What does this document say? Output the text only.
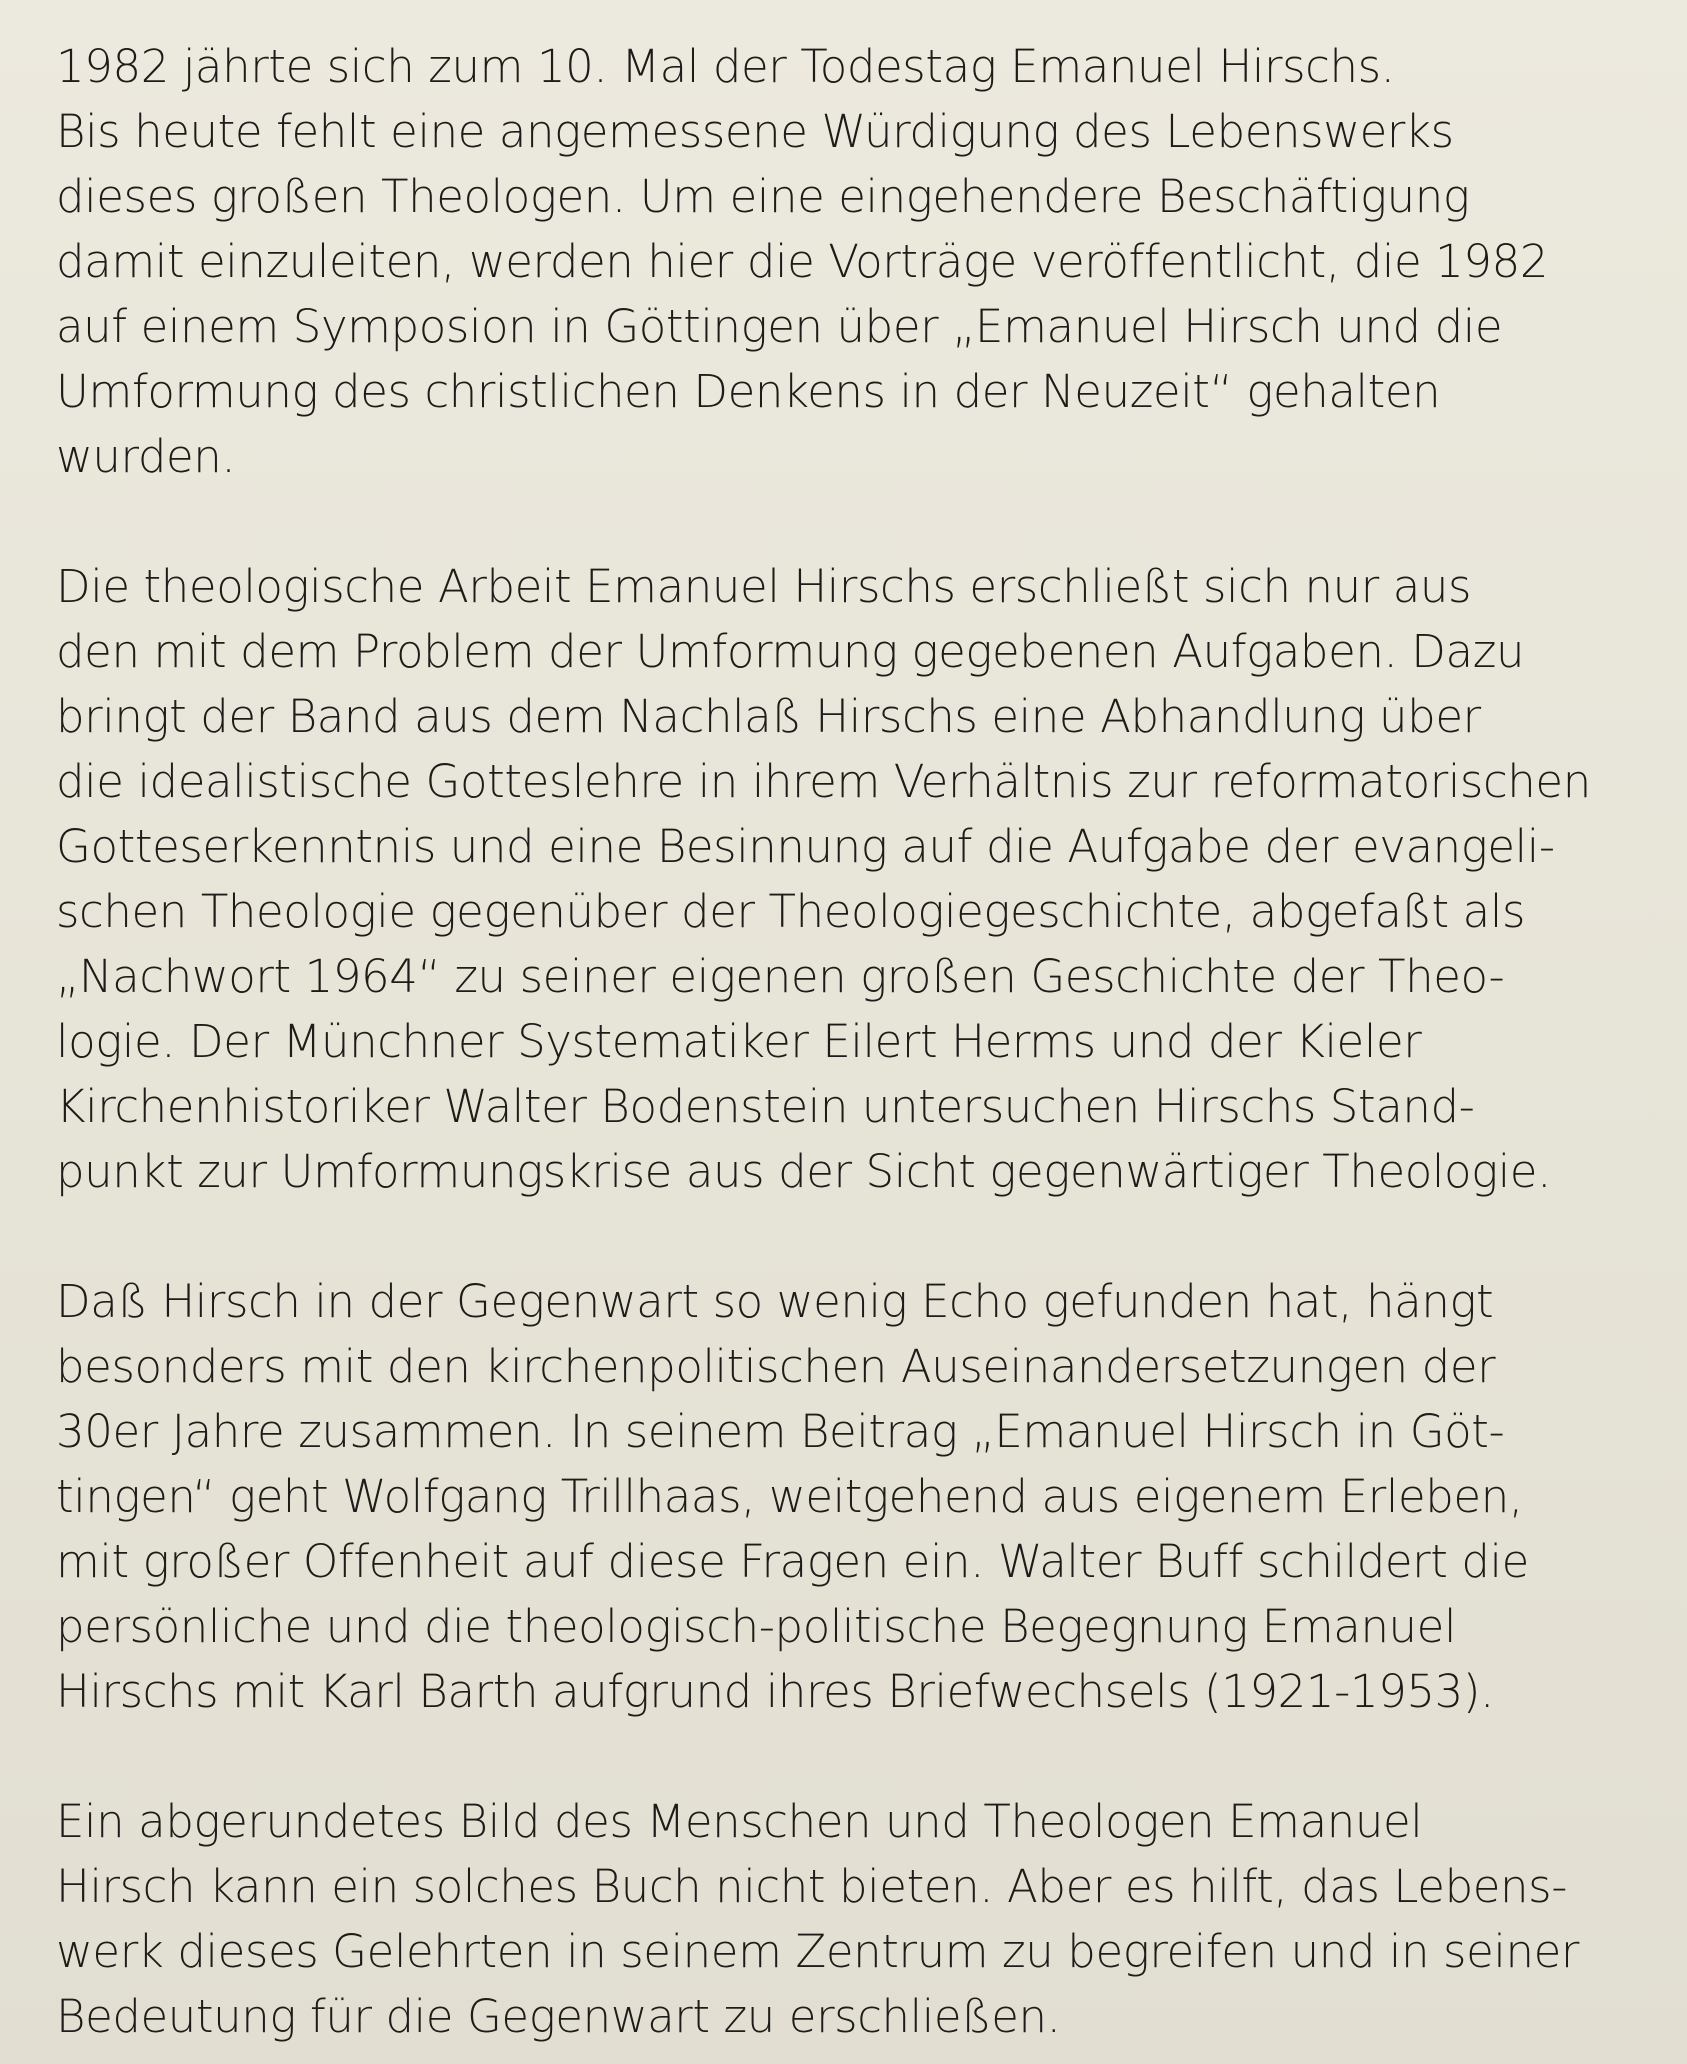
1982 jährte sich zum 10. Mal der Todestag Emanuel Hirschs.
Bis heute fehlt eine angemessene Würdigung des Lebenswerks
dieses großen Theologen. Um eine eingehendere Beschäftigung
damit einzuleiten, werden hier die Vorträge veröffentlicht, die 1982
auf einem Symposion in Göttingen über „Emanuel Hirsch und die
Umformung des christlichen Denkens in der Neuzeit“ gehalten
wurden.

Die theologische Arbeit Emanuel Hirschs erschließt sich nur aus
den mit dem Problem der Umformung gegebenen Aufgaben. Dazu
bringt der Band aus dem Nachlaß Hirschs eine Abhandlung über
die idealistische Gotteslehre in ihrem Verhältnis zur reformatorischen
Gotteserkenntnis und eine Besinnung auf die Aufgabe der evangeli-
schen Theologie gegenüber der Theologiegeschichte, abgefaßt als
„Nachwort 1964“ zu seiner eigenen großen Geschichte der Theo-
logie. Der Münchner Systematiker Eilert Herms und der Kieler
Kirchenhistoriker Walter Bodenstein untersuchen Hirschs Stand-
punkt zur Umformungskrise aus der Sicht gegenwärtiger Theologie.

Daß Hirsch in der Gegenwart so wenig Echo gefunden hat, hängt
besonders mit den kirchenpolitischen Auseinandersetzungen der
30er Jahre zusammen. In seinem Beitrag „Emanuel Hirsch in Göt-
tingen“ geht Wolfgang Trillhaas, weitgehend aus eigenem Erleben,
mit großer Offenheit auf diese Fragen ein. Walter Buff schildert die
persönliche und die theologisch-politische Begegnung Emanuel
Hirschs mit Karl Barth aufgrund ihres Briefwechsels (1921-1953).

Ein abgerundetes Bild des Menschen und Theologen Emanuel
Hirsch kann ein solches Buch nicht bieten. Aber es hilft, das Lebens-
werk dieses Gelehrten in seinem Zentrum zu begreifen und in seiner
Bedeutung für die Gegenwart zu erschließen.
